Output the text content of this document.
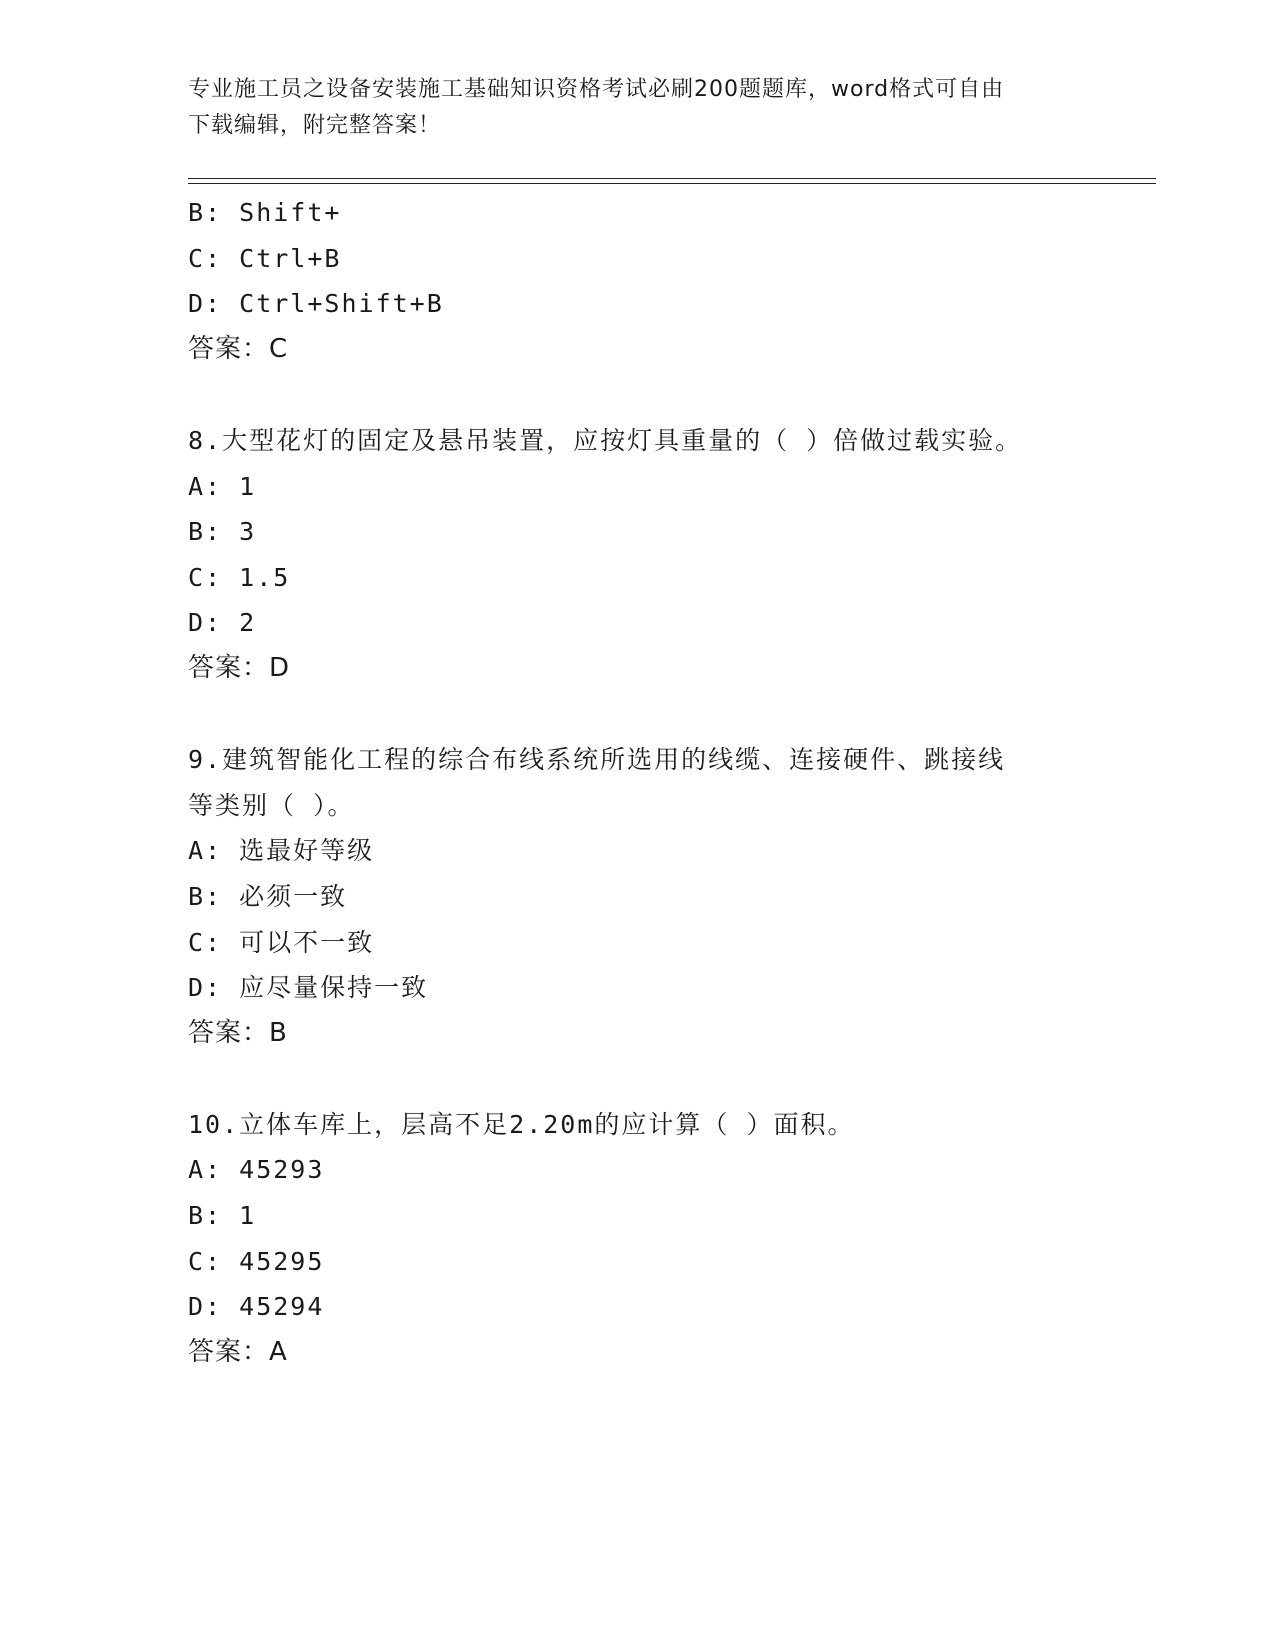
专业施工员之设备安装施工基础知识资格考试必刷200题题库，word格式可自由
下载编辑，附完整答案！
B: Shift+
C: Ctrl+B
D: Ctrl+Shift+B
答案：C
8.大型花灯的固定及悬吊装置，应按灯具重量的（ ）倍做过载实验。
A: 1
B: 3
C: 1.5
D: 2
答案：D
9.建筑智能化工程的综合布线系统所选用的线缆、连接硬件、跳接线
等类别（ ）。
A: 选最好等级
B: 必须一致
C: 可以不一致
D: 应尽量保持一致
答案：B
10.立体车库上，层高不足2.20m的应计算（ ）面积。
A: 45293
B: 1
C: 45295
D: 45294
答案：A
